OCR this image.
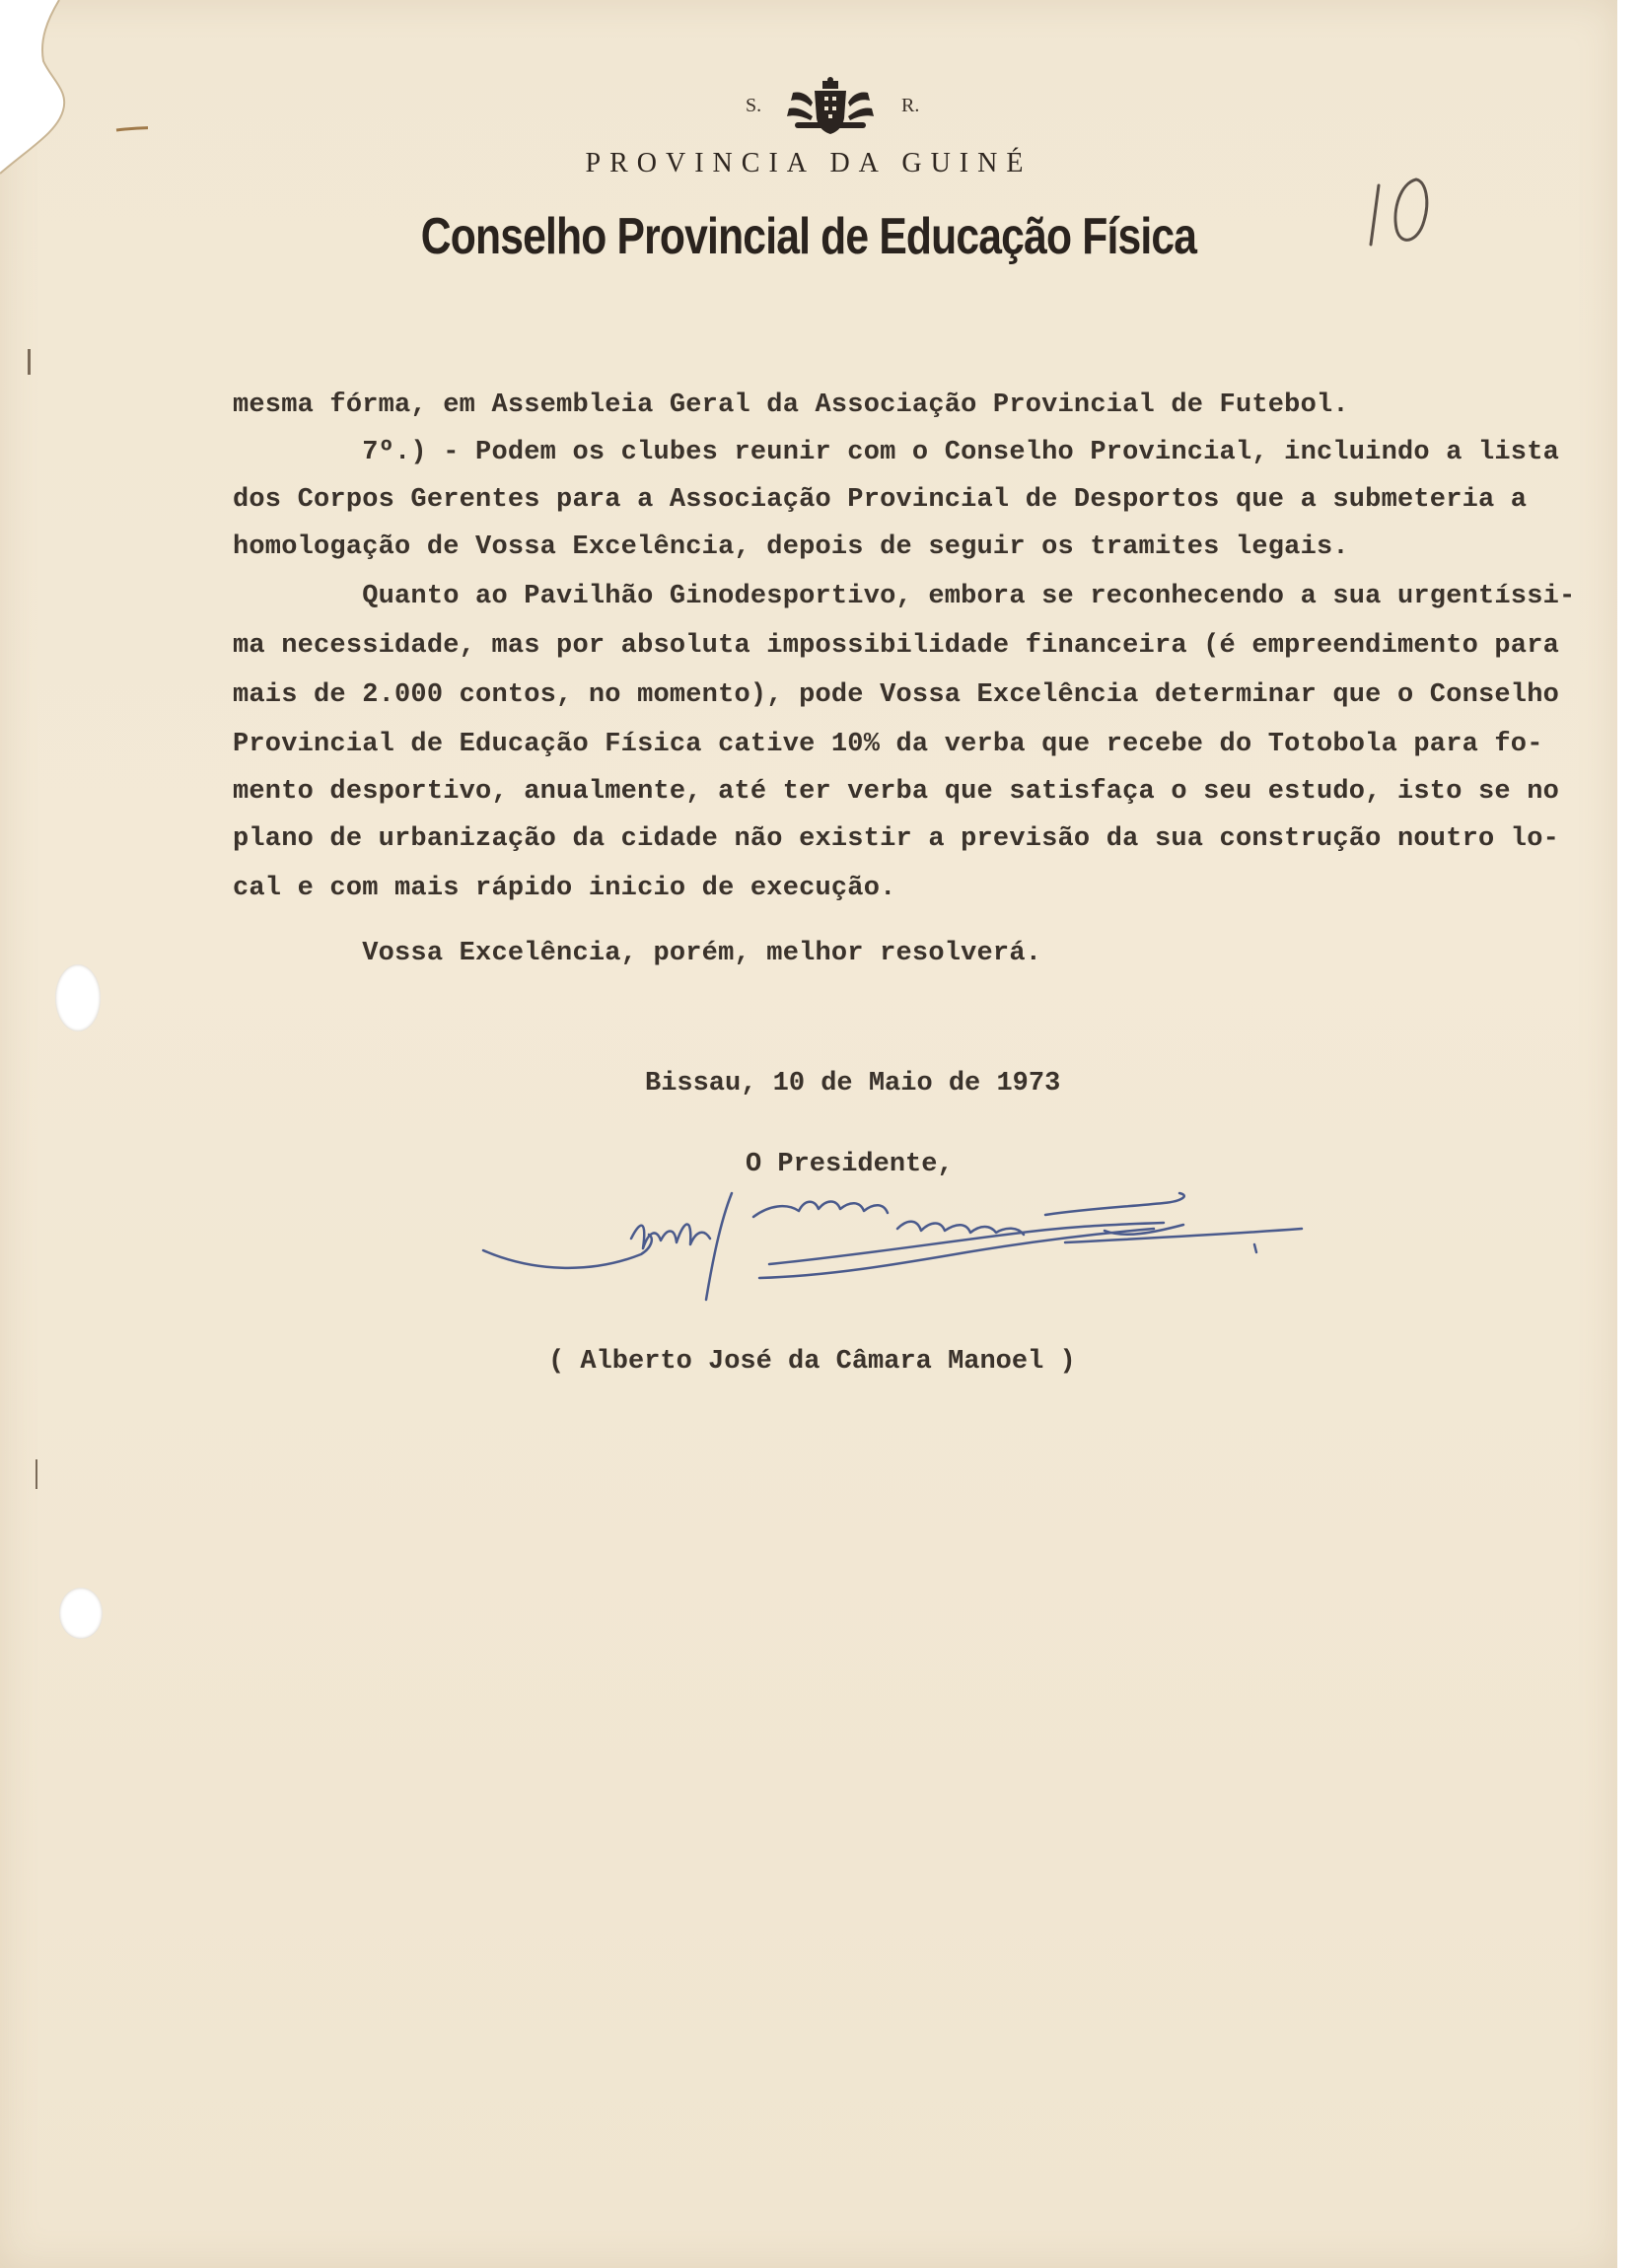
S.	R.
PROVINCIA DA GUINÉ
Conselho Provincial de Educação Física
mesma fórma, em Assembleia Geral da Associação Provincial de Futebol.
7º.) - Podem os clubes reunir com o Conselho Provincial, incluindo a lista
dos Corpos Gerentes para a Associação Provincial de Desportos que a submeteria a
homologação de Vossa Excelência, depois de seguir os tramites legais.
Quanto ao Pavilhão Ginodesportivo, embora se reconhecendo a sua urgentíssi-
ma necessidade, mas por absoluta impossibilidade financeira (é empreendimento para
mais de 2.000 contos, no momento), pode Vossa Excelência determinar que o Conselho
Provincial de Educação Física cative 10% da verba que recebe do Totobola para fo-
mento desportivo, anualmente, até ter verba que satisfaça o seu estudo, isto se no
plano de urbanização da cidade não existir a previsão da sua construção noutro lo-
cal e com mais rápido inicio de execução.
Vossa Excelência, porém, melhor resolverá.
Bissau, 10 de Maio de 1973
O Presidente,
( Alberto José da Câmara Manoel )
